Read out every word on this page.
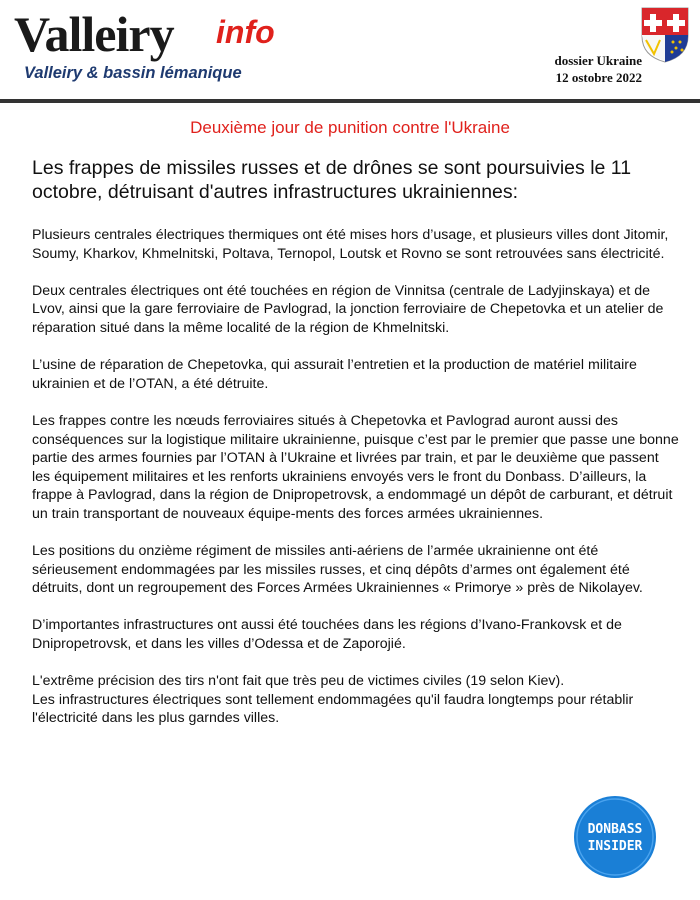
Valleiry info
Valleiry & bassin lémanique
dossier Ukraine
12 ostobre 2022
Deuxième jour de punition contre l'Ukraine
Les frappes de missiles russes et de drônes se sont poursuivies le 11 octobre, détruisant d'autres infrastructures ukrainiennes:

Plusieurs centrales électriques thermiques ont été mises hors d’usage, et plusieurs villes dont Jitomir, Soumy, Kharkov, Khmelnitski, Poltava, Ternopol, Loutsk et Rovno se sont retrouvées sans électricité.

Deux centrales électriques ont été touchées en région de Vinnitsa (centrale de Ladyjinskaya) et de Lvov, ainsi que la gare ferroviaire de Pavlograd, la jonction ferroviaire de Chepetovka et un atelier de réparation situé dans la même localité de la région de Khmelnitski.

L’usine de réparation de Chepetovka, qui assurait l’entretien et la production de matériel militaire ukrainien et de l’OTAN, a été détruite.

Les frappes contre les nœuds ferroviaires situés à Chepetovka et Pavlograd auront aussi des conséquences sur la logistique militaire ukrainienne, puisque c’est par le premier que passe une bonne partie des armes fournies par l’OTAN à l’Ukraine et livrées par train, et par le deuxième que passent les équipement militaires et les renforts ukrainiens envoyés vers le front du Donbass. D’ailleurs, la frappe à Pavlograd, dans la région de Dnipropetrovsk, a endommagé un dépôt de carburant, et détruit un train transportant de nouveaux équipe-ments des forces armées ukrainiennes.

Les positions du onzième régiment de missiles anti-aériens de l’armée ukrainienne ont été sérieusement endommagées par les missiles russes, et cinq dépôts d’armes ont également été détruits, dont un regroupement des Forces Armées Ukrainiennes « Primorye » près de Nikolayev.

D’importantes infrastructures ont aussi été touchées dans les régions d’Ivano-Frankovsk et de Dnipropetrovsk, et dans les villes d’Odessa et de Zaporojié.

L'extrême précision des tirs n'ont fait que très peu de victimes civiles (19 selon Kiev).

Les infrastructures électriques sont tellement endommagées qu'il faudra longtemps pour rétablir l'électricité dans les plus garndes villes.

DONBASS
INSIDER
